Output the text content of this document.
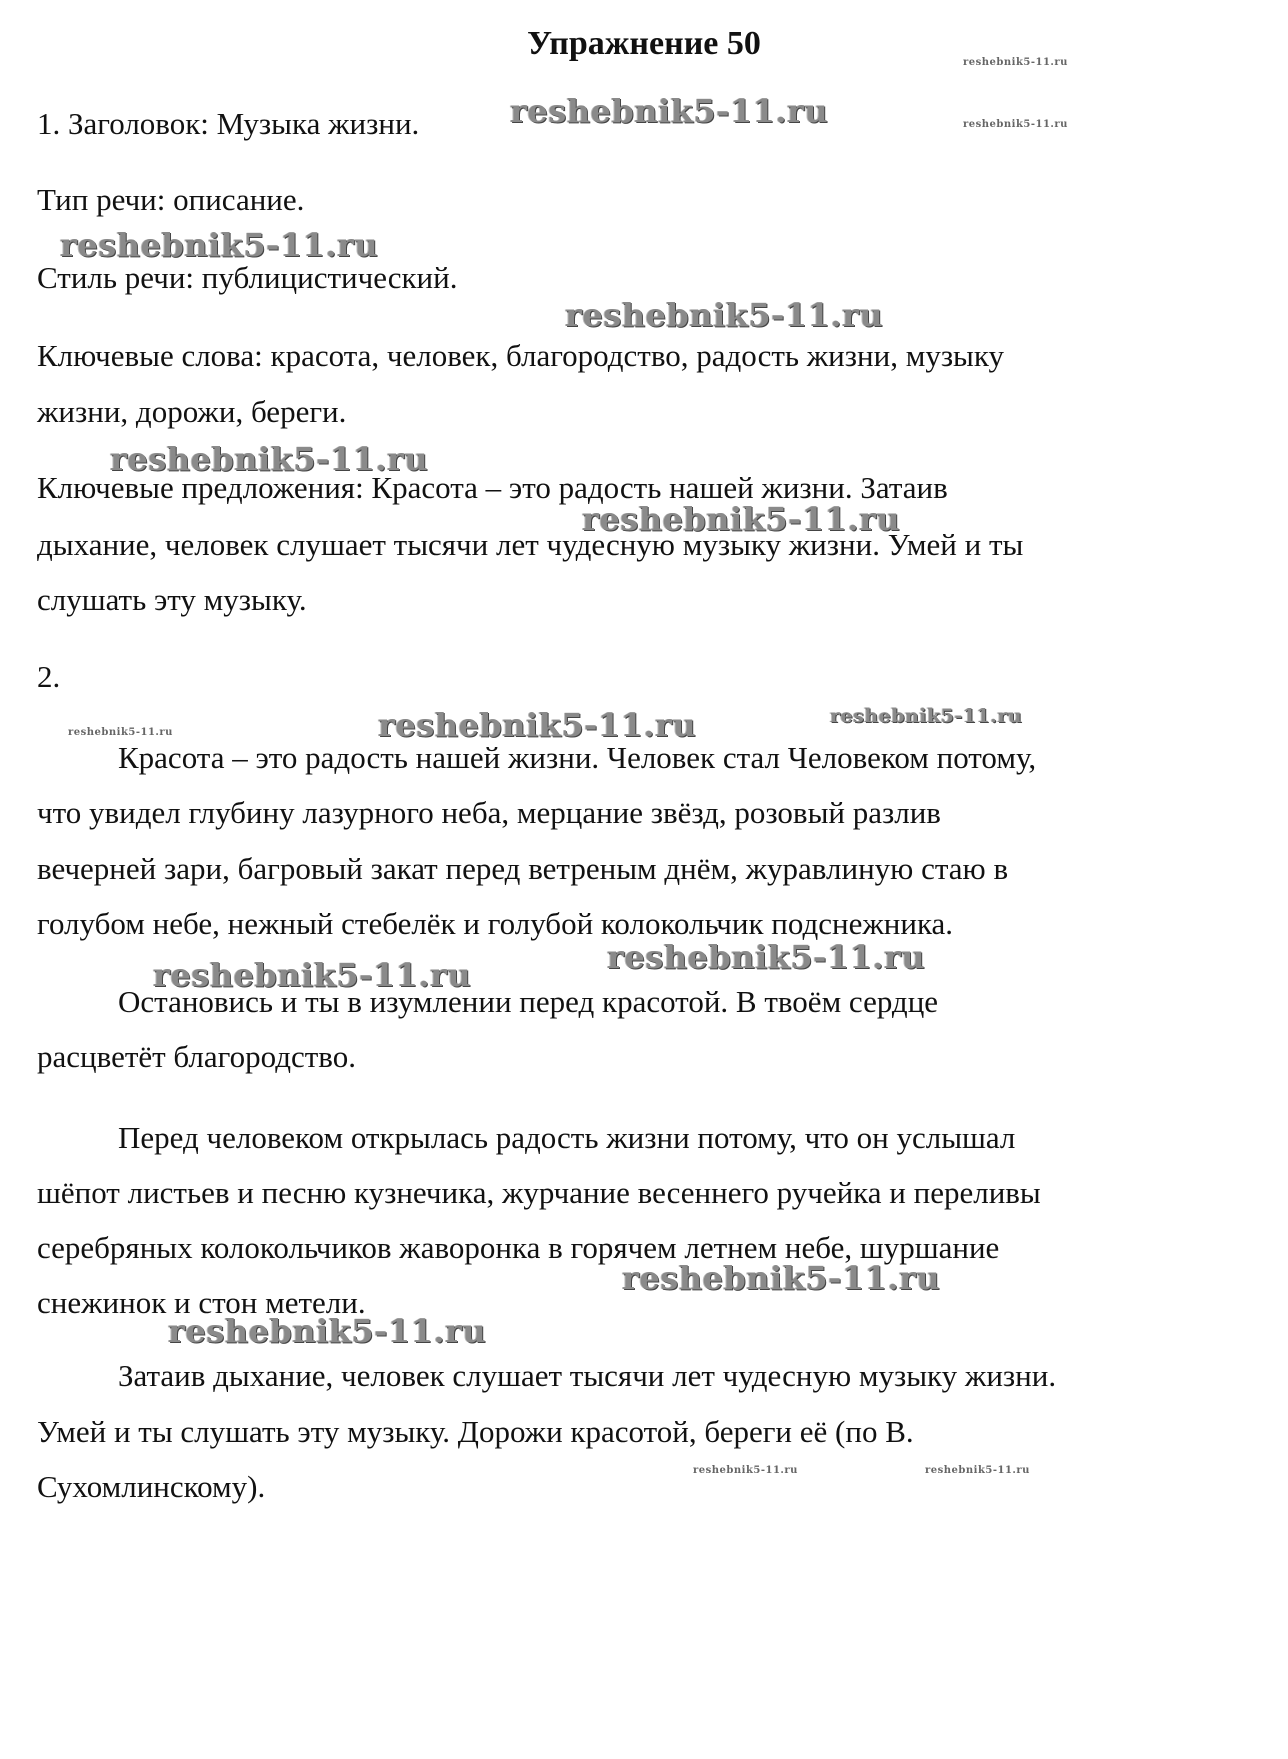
Упражнение 50
1. Заголовок: Музыка жизни.
Тип речи: описание.
Стиль речи: публицистический.
Ключевые слова: красота, человек, благородство, радость жизни, музыку
жизни, дорожи, береги.
Ключевые предложения: Красота – это радость нашей жизни. Затаив
дыхание, человек слушает тысячи лет чудесную музыку жизни. Умей и ты
слушать эту музыку.
2.
Красота – это радость нашей жизни. Человек стал Человеком потому,
что увидел глубину лазурного неба, мерцание звёзд, розовый разлив
вечерней зари, багровый закат перед ветреным днём, журавлиную стаю в
голубом небе, нежный стебелёк и голубой колокольчик подснежника.
Остановись и ты в изумлении перед красотой. В твоём сердце
расцветёт благородство.
Перед человеком открылась радость жизни потому, что он услышал
шёпот листьев и песню кузнечика, журчание весеннего ручейка и переливы
серебряных колокольчиков жаворонка в горячем летнем небе, шуршание
снежинок и стон метели.
Затаив дыхание, человек слушает тысячи лет чудесную музыку жизни.
Умей и ты слушать эту музыку. Дорожи красотой, береги её (по В.
Сухомлинскому).
reshebnik5-11.ru
reshebnik5-11.ru
reshebnik5-11.ru
reshebnik5-11.ru
reshebnik5-11.ru
reshebnik5-11.ru
reshebnik5-11.ru
reshebnik5-11.ru	reshebnik5-11.ru	reshebnik5-11.ru
reshebnik5-11.ru
reshebnik5-11.ru
reshebnik5-11.ru
reshebnik5-11.ru
reshebnik5-11.ru	reshebnik5-11.ru
